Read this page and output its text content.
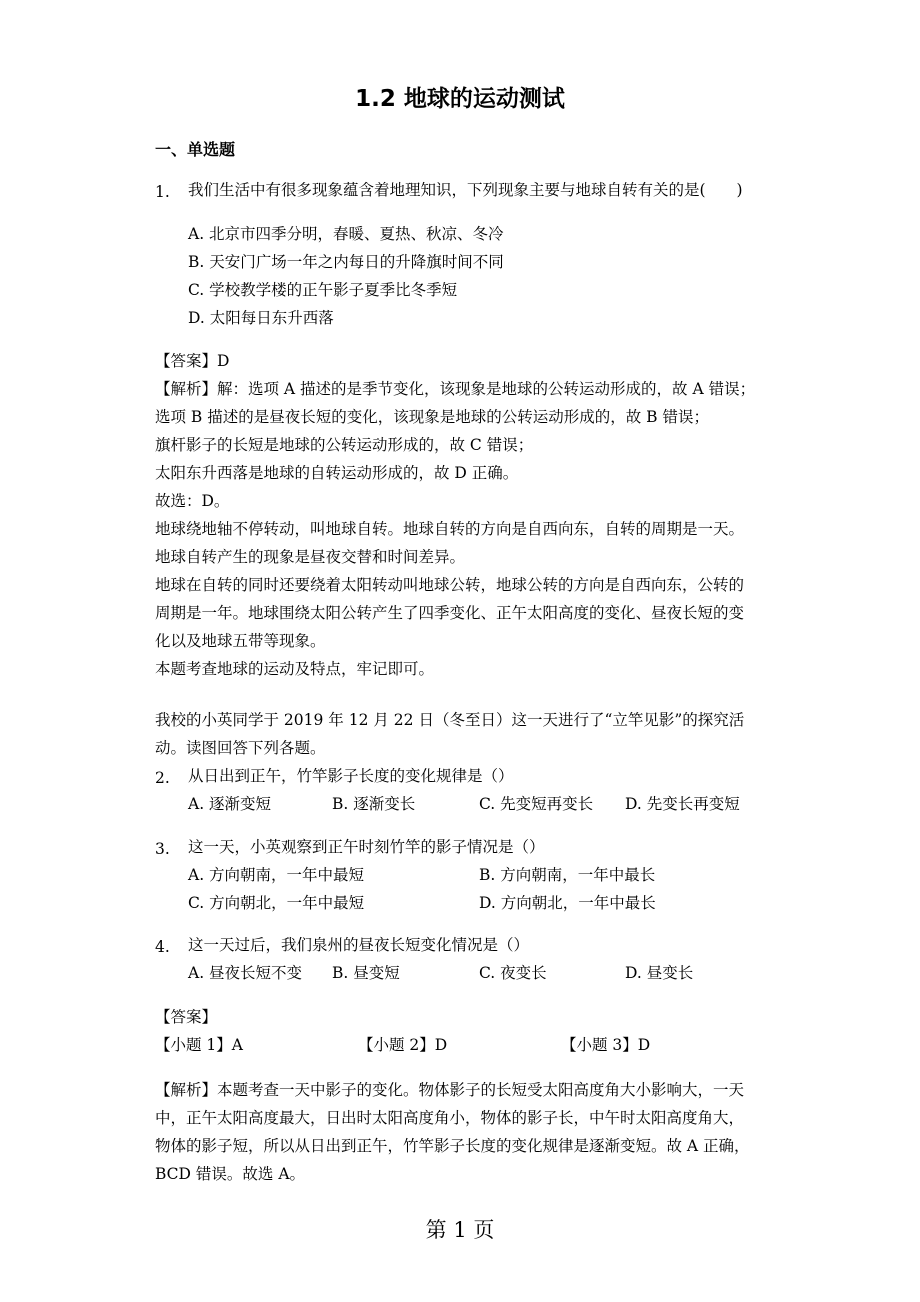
1.2 地球的运动测试
一、单选题
1. 我们生活中有很多现象蕴含着地理知识，下列现象主要与地球自转有关的是(　　)
A. 北京市四季分明，春暖、夏热、秋凉、冬冷
B. 天安门广场一年之内每日的升降旗时间不同
C. 学校教学楼的正午影子夏季比冬季短
D. 太阳每日东升西落
【答案】D
【解析】解：选项 A 描述的是季节变化，该现象是地球的公转运动形成的，故 A 错误；
选项 B 描述的是昼夜长短的变化，该现象是地球的公转运动形成的，故 B 错误；
旗杆影子的长短是地球的公转运动形成的，故 C 错误；
太阳东升西落是地球的自转运动形成的，故 D 正确。
故选：D。
地球绕地轴不停转动，叫地球自转。地球自转的方向是自西向东，自转的周期是一天。
地球自转产生的现象是昼夜交替和时间差异。
地球在自转的同时还要绕着太阳转动叫地球公转，地球公转的方向是自西向东，公转的
周期是一年。地球围绕太阳公转产生了四季变化、正午太阳高度的变化、昼夜长短的变
化以及地球五带等现象。
本题考查地球的运动及特点，牢记即可。
我校的小英同学于 2019 年 12 月 22 日（冬至日）这一天进行了“立竿见影”的探究活
动。读图回答下列各题。
2. 从日出到正午，竹竿影子长度的变化规律是（）
A. 逐渐变短	B. 逐渐变长	C. 先变短再变长 D. 先变长再变短
3. 这一天，小英观察到正午时刻竹竿的影子情况是（）
A. 方向朝南，一年中最短	B. 方向朝南，一年中最长
C. 方向朝北，一年中最短	D. 方向朝北，一年中最长
4. 这一天过后，我们泉州的昼夜长短变化情况是（）
A. 昼夜长短不变 B. 昼变短	C. 夜变长	D. 昼变长
【答案】
【小题 1】A	【小题 2】D	【小题 3】D
【解析】本题考查一天中影子的变化。物体影子的长短受太阳高度角大小影响大，一天
中，正午太阳高度最大，日出时太阳高度角小，物体的影子长，中午时太阳高度角大，
物体的影子短，所以从日出到正午，竹竿影子长度的变化规律是逐渐变短。故 A 正确，
BCD 错误。故选 A。
第 1 页
